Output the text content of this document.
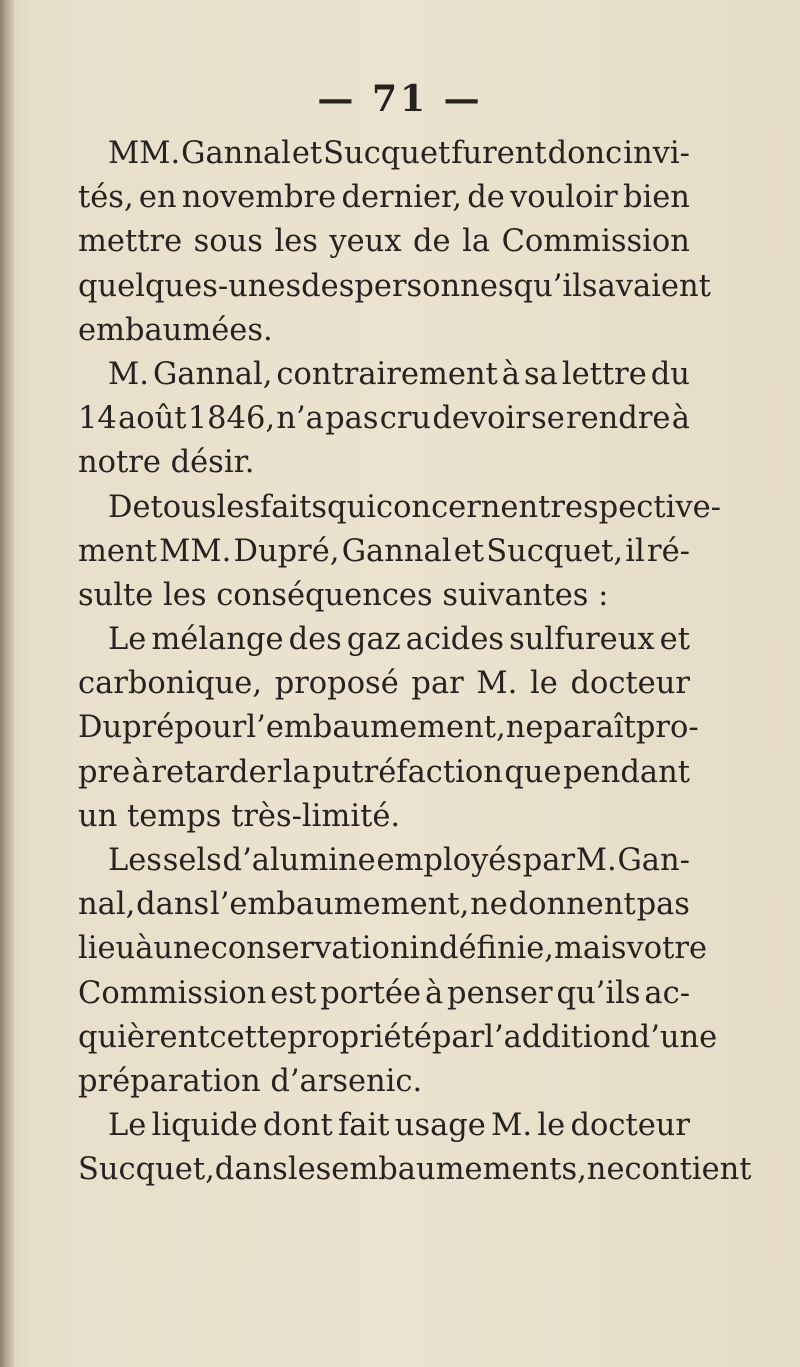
— 71 —
MM. Gannal et Sucquet furent donc invi-
tés, en novembre dernier, de vouloir bien
mettre sous les yeux de la Commission
quelques-unes des personnes qu’ils avaient
embaumées.
M. Gannal, contrairement à sa lettre du
14 août 1846, n’a pas cru devoir se rendre à
notre désir.
De tous les faits qui concernent respective-
ment MM. Dupré, Gannal et Sucquet, il ré-
sulte les conséquences suivantes :
Le mélange des gaz acides sulfureux et
carbonique, proposé par M. le docteur
Dupré pour l’embaumement, ne paraît pro-
pre à retarder la putréfaction que pendant
un temps très-limité.
Les sels d’alumine employés par M. Gan-
nal, dans l’embaumement, ne donnent pas
lieu à une conservation indéfinie, mais votre
Commission est portée à penser qu’ils ac-
quièrent cette propriété par l’addition d’une
préparation d’arsenic.
Le liquide dont fait usage M. le docteur
Sucquet, dans les embaumements, ne contient
